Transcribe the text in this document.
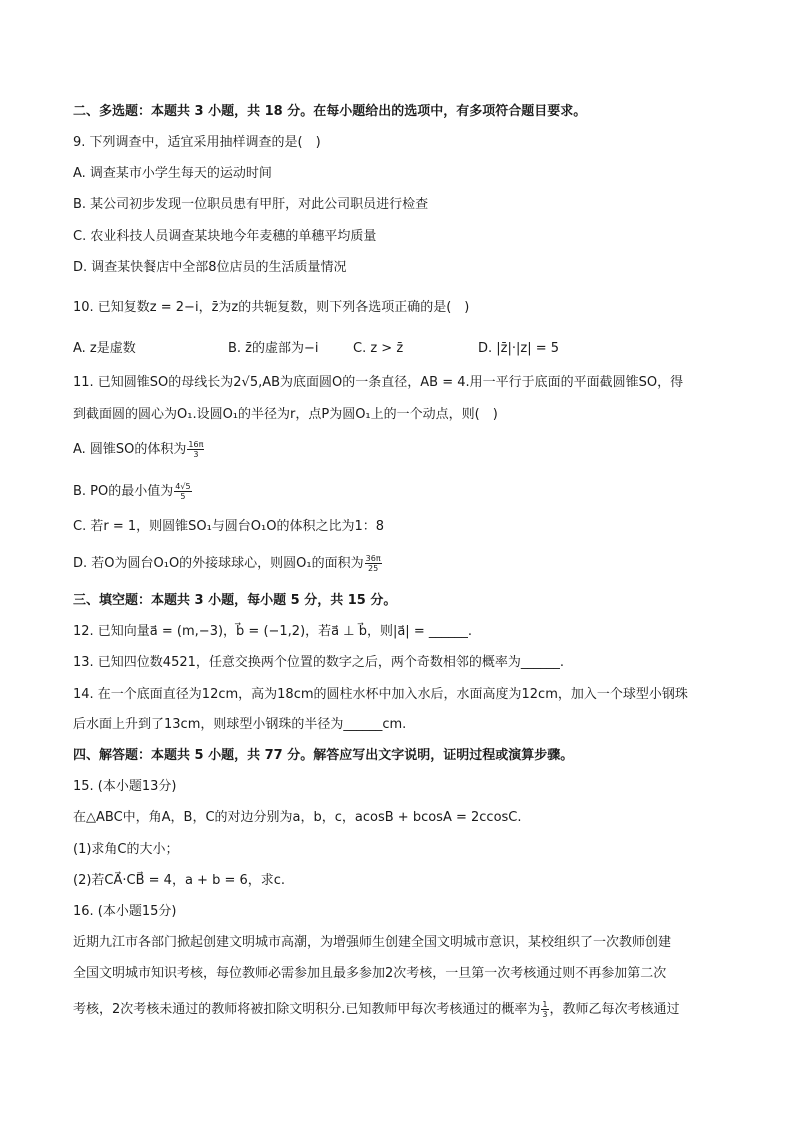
二、多选题：本题共 3 小题，共 18 分。在每小题给出的选项中，有多项符合题目要求。
9. 下列调查中，适宜采用抽样调查的是(　)
A. 调查某市小学生每天的运动时间
B. 某公司初步发现一位职员患有甲肝，对此公司职员进行检查
C. 农业科技人员调查某块地今年麦穗的单穗平均质量
D. 调查某快餐店中全部8位店员的生活质量情况
10. 已知复数z = 2−i，z̄为z的共轭复数，则下列各选项正确的是(　)
A. z是虚数	B. z̄的虚部为−i	C. z > z̄	D. |z̄|·|z| = 5
11. 已知圆锥SO的母线长为2√5,AB为底面圆O的一条直径，AB = 4.用一平行于底面的平面截圆锥SO，得
到截面圆的圆心为O₁.设圆O₁的半径为r，点P为圆O₁上的一个动点，则(　)
A. 圆锥SO的体积为 $\frac{16\pi}{3}$
B. PO的最小值为 $\frac{4√5}{5}$
C. 若r = 1，则圆锥SO₁与圆台O₁O的体积之比为1：8
D. 若O为圆台O₁O的外接球球心，则圆O₁的面积为 $\frac{36\pi}{25}$
三、填空题：本题共 3 小题，每小题 5 分，共 15 分。
12. 已知向量a⃗ = (m,−3)，b⃗ = (−1,2)，若a⃗ ⊥ b⃗，则|a⃗| = ______.
13. 已知四位数4521，任意交换两个位置的数字之后，两个奇数相邻的概率为______.
14. 在一个底面直径为12cm，高为18cm的圆柱水杯中加入水后，水面高度为12cm，加入一个球型小钢珠
后水面上升到了13cm，则球型小钢珠的半径为______cm.
四、解答题：本题共 5 小题，共 77 分。解答应写出文字说明，证明过程或演算步骤。
15. (本小题13分)
在△ABC中，角A，B，C的对边分别为a，b，c，acosB + bcosA = 2ccosC.
(1)求角C的大小；
(2)若CA⃗·CB⃗ = 4，a + b = 6，求c.
16. (本小题15分)
近期九江市各部门掀起创建文明城市高潮，为增强师生创建全国文明城市意识，某校组织了一次教师创建
全国文明城市知识考核，每位教师必需参加且最多参加2次考核，一旦第一次考核通过则不再参加第二次
考核，2次考核未通过的教师将被扣除文明积分.已知教师甲每次考核通过的概率为 $\frac{1}{3}$ ，教师乙每次考核通过
